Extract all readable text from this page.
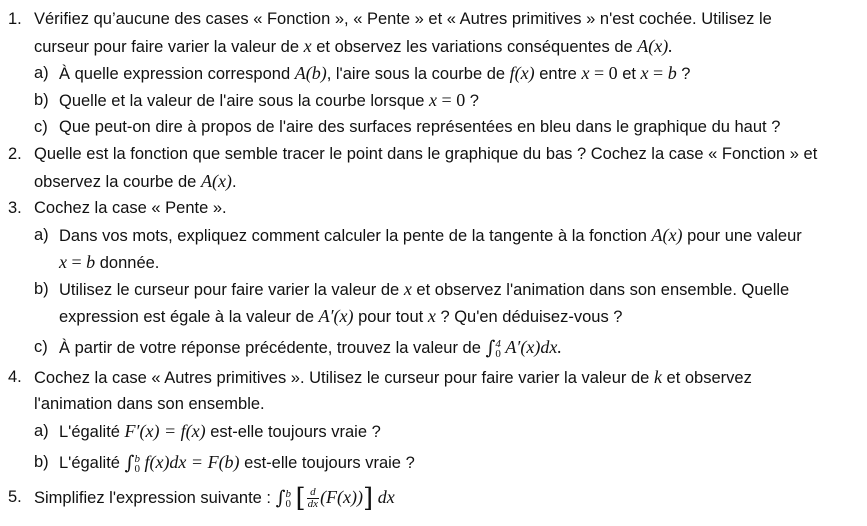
1. Vérifiez qu’aucune des cases « Fonction », « Pente » et « Autres primitives » n'est cochée. Utilisez le
curseur pour faire varier la valeur de x et observez les variations conséquentes de A(x).
a) À quelle expression correspond A(b), l'aire sous la courbe de f(x) entre x = 0 et x = b ?
b) Quelle et la valeur de l'aire sous la courbe lorsque x = 0 ?
c) Que peut-on dire à propos de l'aire des surfaces représentées en bleu dans le graphique du haut ?
2. Quelle est la fonction que semble tracer le point dans le graphique du bas ? Cochez la case « Fonction » et
observez la courbe de A(x).
3. Cochez la case « Pente ».
a) Dans vos mots, expliquez comment calculer la pente de la tangente à la fonction A(x) pour une valeur
x = b donnée.
b) Utilisez le curseur pour faire varier la valeur de x et observez l'animation dans son ensemble. Quelle
expression est égale à la valeur de A′(x) pour tout x ? Qu'en déduisez-vous ?
c) À partir de votre réponse précédente, trouvez la valeur de ∫ 4
0 A′(x)dx.
4. Cochez la case « Autres primitives ». Utilisez le curseur pour faire varier la valeur de k et observez
l'animation dans son ensemble.
a) L'égalité F′(x) = f(x) est-elle toujours vraie ?
b) L'égalité ∫ b
0 f(x)dx = F(b) est-elle toujours vraie ?
5. Simplifiez l'expression suivante : ∫ b
0 [ $\frac{d}{dx} (F(x))$] dx
